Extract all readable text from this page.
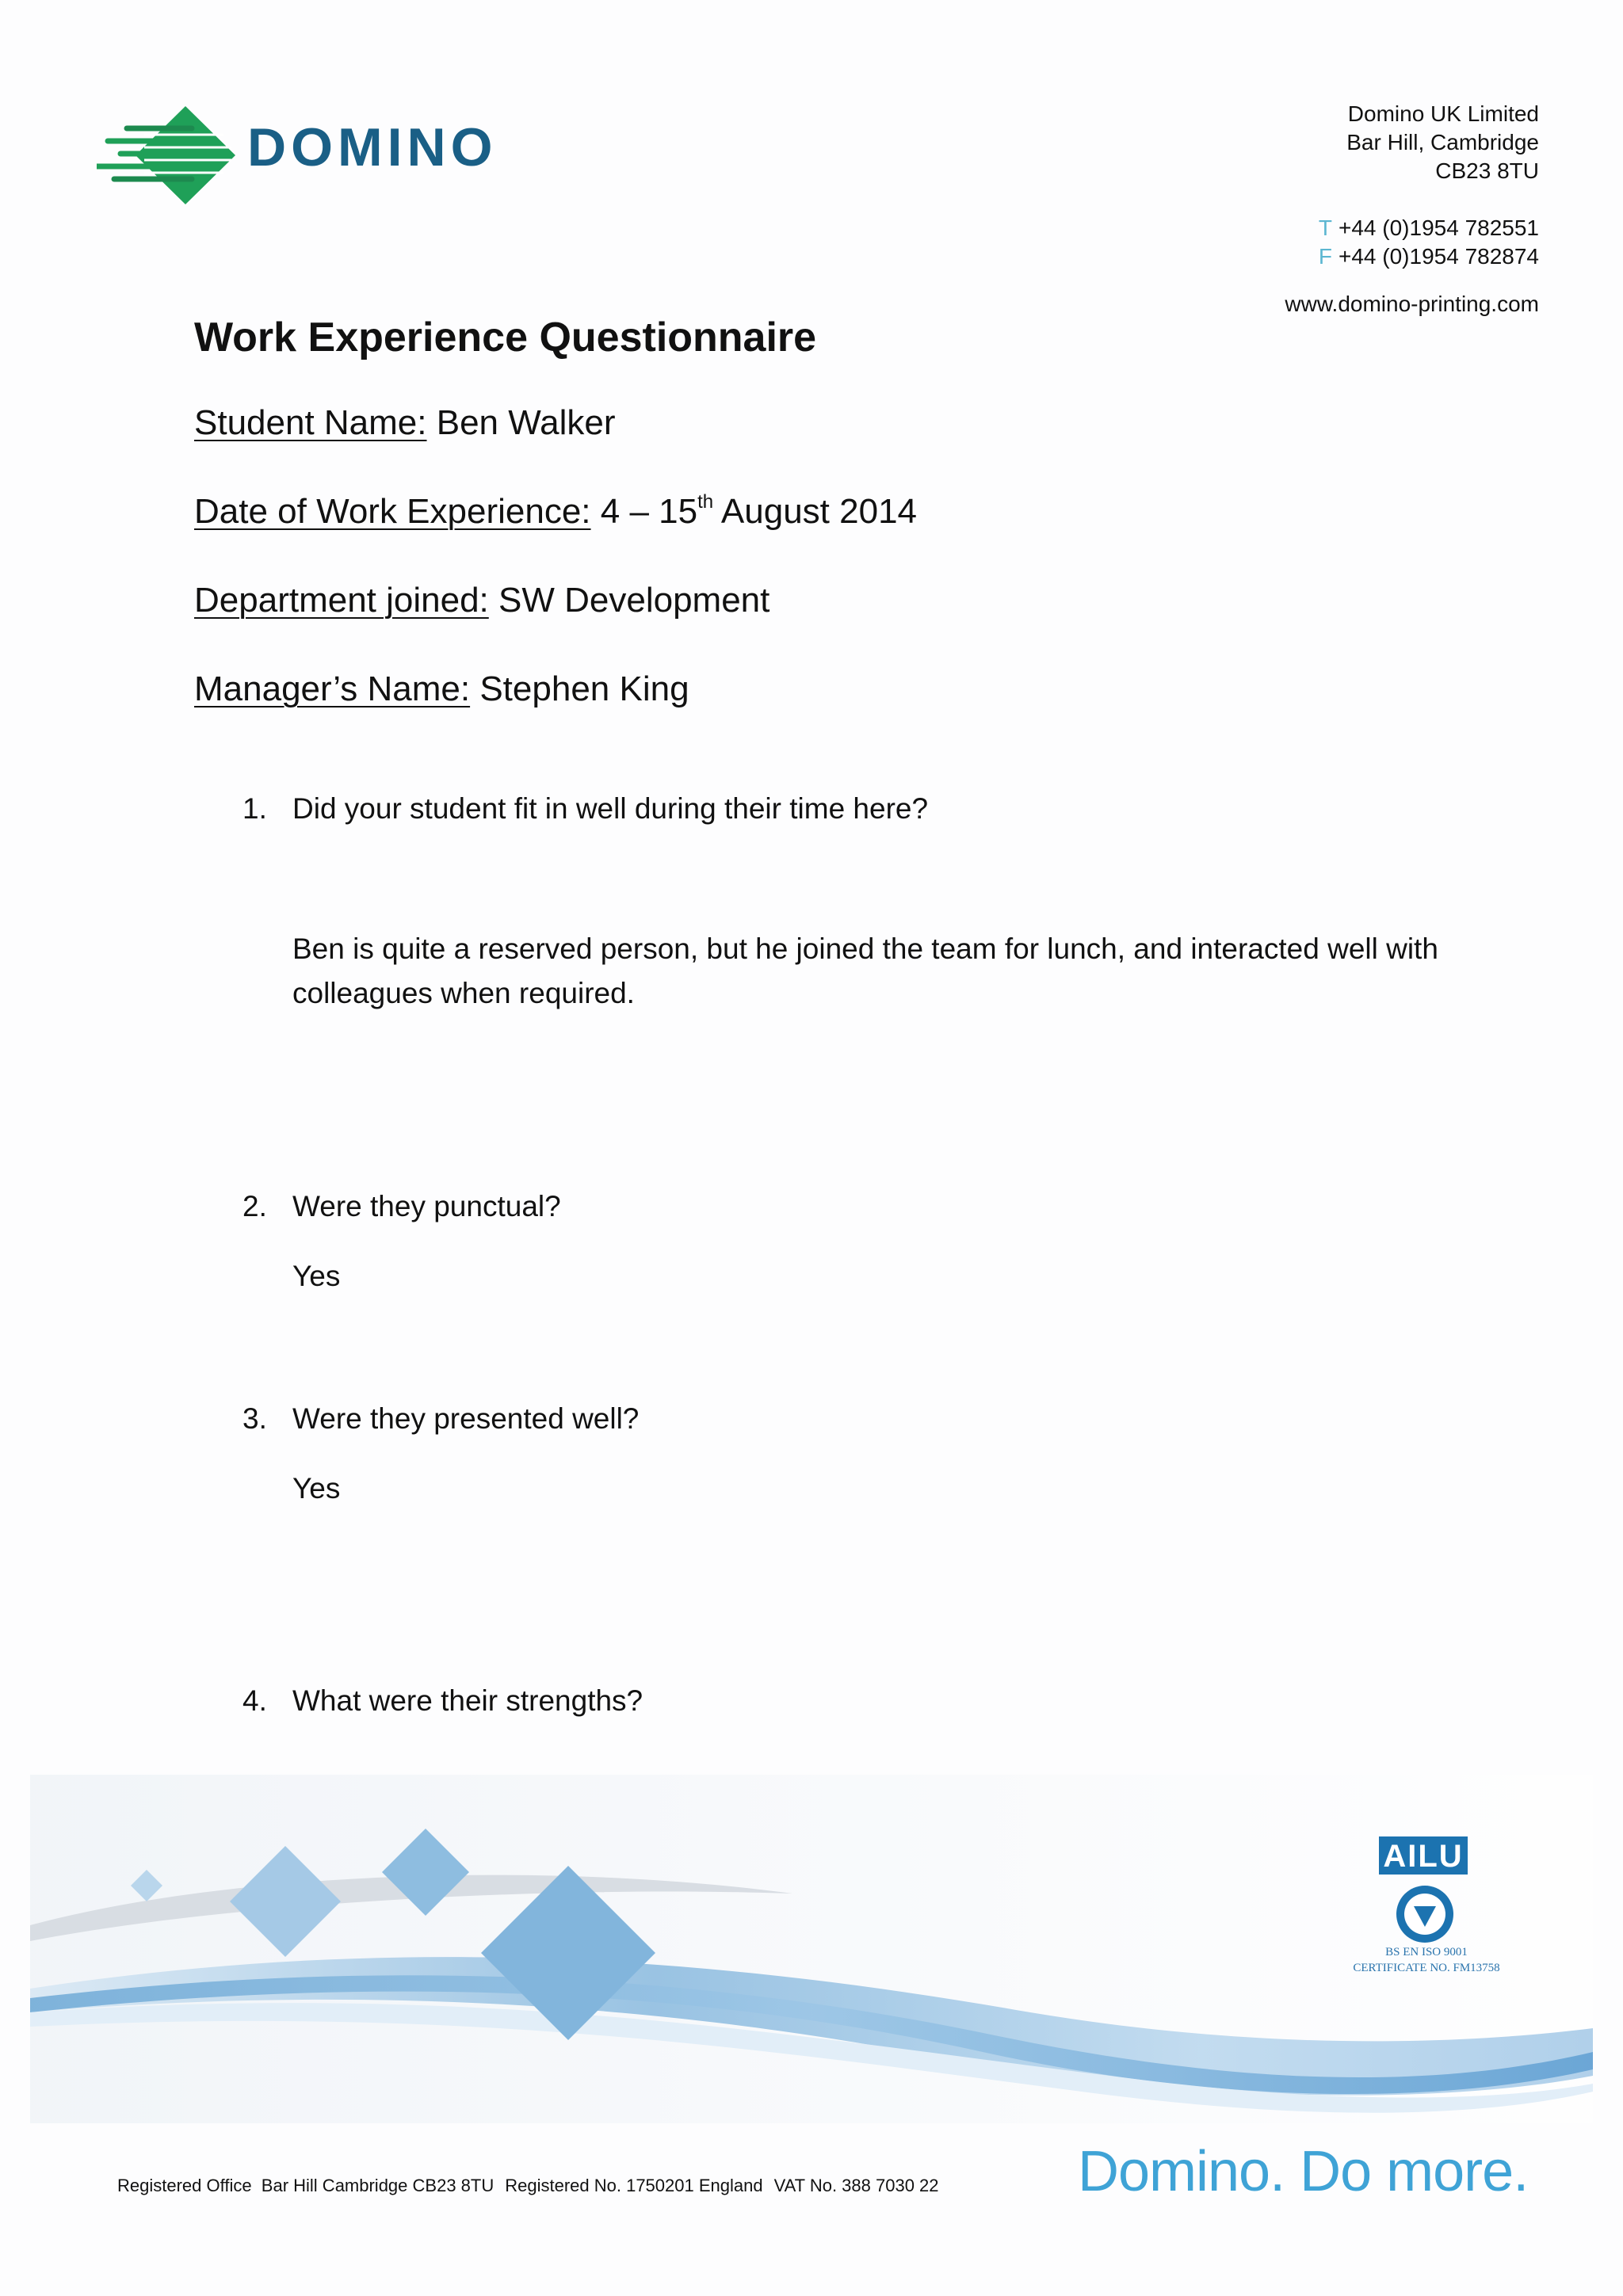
DOMINO
Domino UK Limited
Bar Hill, Cambridge
CB23 8TU
T +44 (0)1954 782551
F +44 (0)1954 782874
www.domino-printing.com
Work Experience Questionnaire
Student Name: Ben Walker
Date of Work Experience: 4 – 15th August 2014
Department joined: SW Development
Manager’s Name: Stephen King
1. Did your student fit in well during their time here?
Ben is quite a reserved person, but he joined the team for lunch, and interacted well with colleagues when required.
2. Were they punctual?
Yes
3. Were they presented well?
Yes
4. What were their strengths?
AILU
BS EN ISO 9001
CERTIFICATE NO. FM13758
Registered Office  Bar Hill Cambridge CB23 8TU Registered No. 1750201 England VAT No. 388 7030 22 Domino. Do more.
